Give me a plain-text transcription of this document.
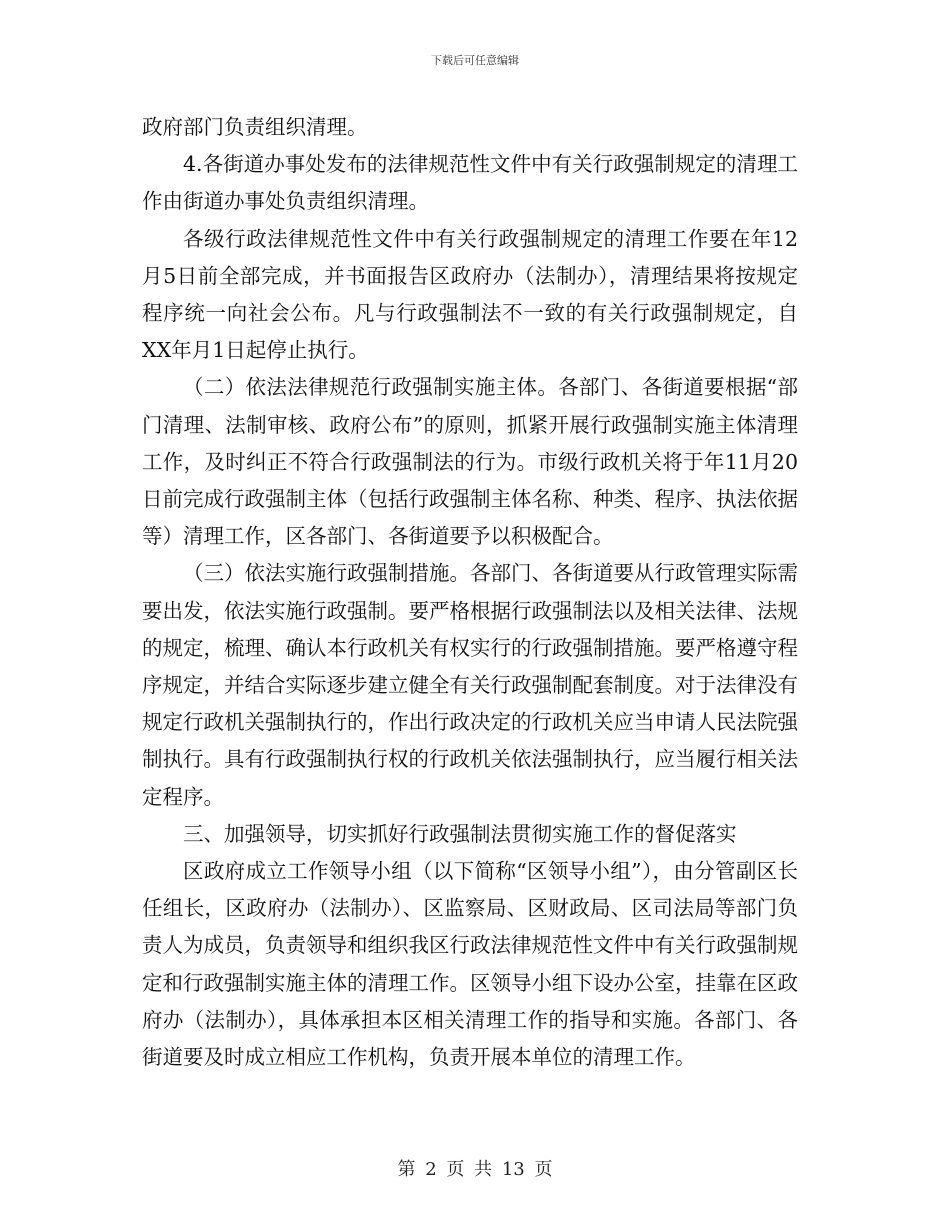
下载后可任意编辑

政府部门负责组织清理。

4.各街道办事处发布的法律规范性文件中有关行政强制规定的清理工作由街道办事处负责组织清理。

各级行政法律规范性文件中有关行政强制规定的清理工作要在年12月5日前全部完成，并书面报告区政府办（法制办），清理结果将按规定程序统一向社会公布。凡与行政强制法不一致的有关行政强制规定，自XX年月1日起停止执行。

（二）依法法律规范行政强制实施主体。各部门、各街道要根据“部门清理、法制审核、政府公布”的原则，抓紧开展行政强制实施主体清理工作，及时纠正不符合行政强制法的行为。市级行政机关将于年11月20日前完成行政强制主体（包括行政强制主体名称、种类、程序、执法依据等）清理工作，区各部门、各街道要予以积极配合。

（三）依法实施行政强制措施。各部门、各街道要从行政管理实际需要出发，依法实施行政强制。要严格根据行政强制法以及相关法律、法规的规定，梳理、确认本行政机关有权实行的行政强制措施。要严格遵守程序规定，并结合实际逐步建立健全有关行政强制配套制度。对于法律没有规定行政机关强制执行的，作出行政决定的行政机关应当申请人民法院强制执行。具有行政强制执行权的行政机关依法强制执行，应当履行相关法定程序。

三、加强领导，切实抓好行政强制法贯彻实施工作的督促落实

区政府成立工作领导小组（以下简称“区领导小组”），由分管副区长任组长，区政府办（法制办）、区监察局、区财政局、区司法局等部门负责人为成员，负责领导和组织我区行政法律规范性文件中有关行政强制规定和行政强制实施主体的清理工作。区领导小组下设办公室，挂靠在区政府办（法制办），具体承担本区相关清理工作的指导和实施。各部门、各街道要及时成立相应工作机构，负责开展本单位的清理工作。

第 2 页 共 13 页
